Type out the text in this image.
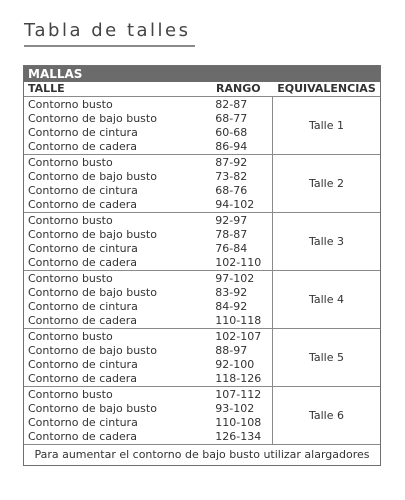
Tabla de talles
MALLAS
TALLE	RANGO	EQUIVALENCIAS
Contorno busto
Contorno de bajo busto
Contorno de cintura
Contorno de cadera
82-87
68-77
60-68
86-94
Talle 1
Contorno busto
Contorno de bajo busto
Contorno de cintura
Contorno de cadera
87-92
73-82
68-76
94-102
Talle 2
Contorno busto
Contorno de bajo busto
Contorno de cintura
Contorno de cadera
92-97
78-87
76-84
102-110
Talle 3
Contorno busto
Contorno de bajo busto
Contorno de cintura
Contorno de cadera
97-102
83-92
84-92
110-118
Talle 4
Contorno busto
Contorno de bajo busto
Contorno de cintura
Contorno de cadera
102-107
88-97
92-100
118-126
Talle 5
Contorno busto
Contorno de bajo busto
Contorno de cintura
Contorno de cadera
107-112
93-102
110-108
126-134
Talle 6
Para aumentar el contorno de bajo busto utilizar alargadores
